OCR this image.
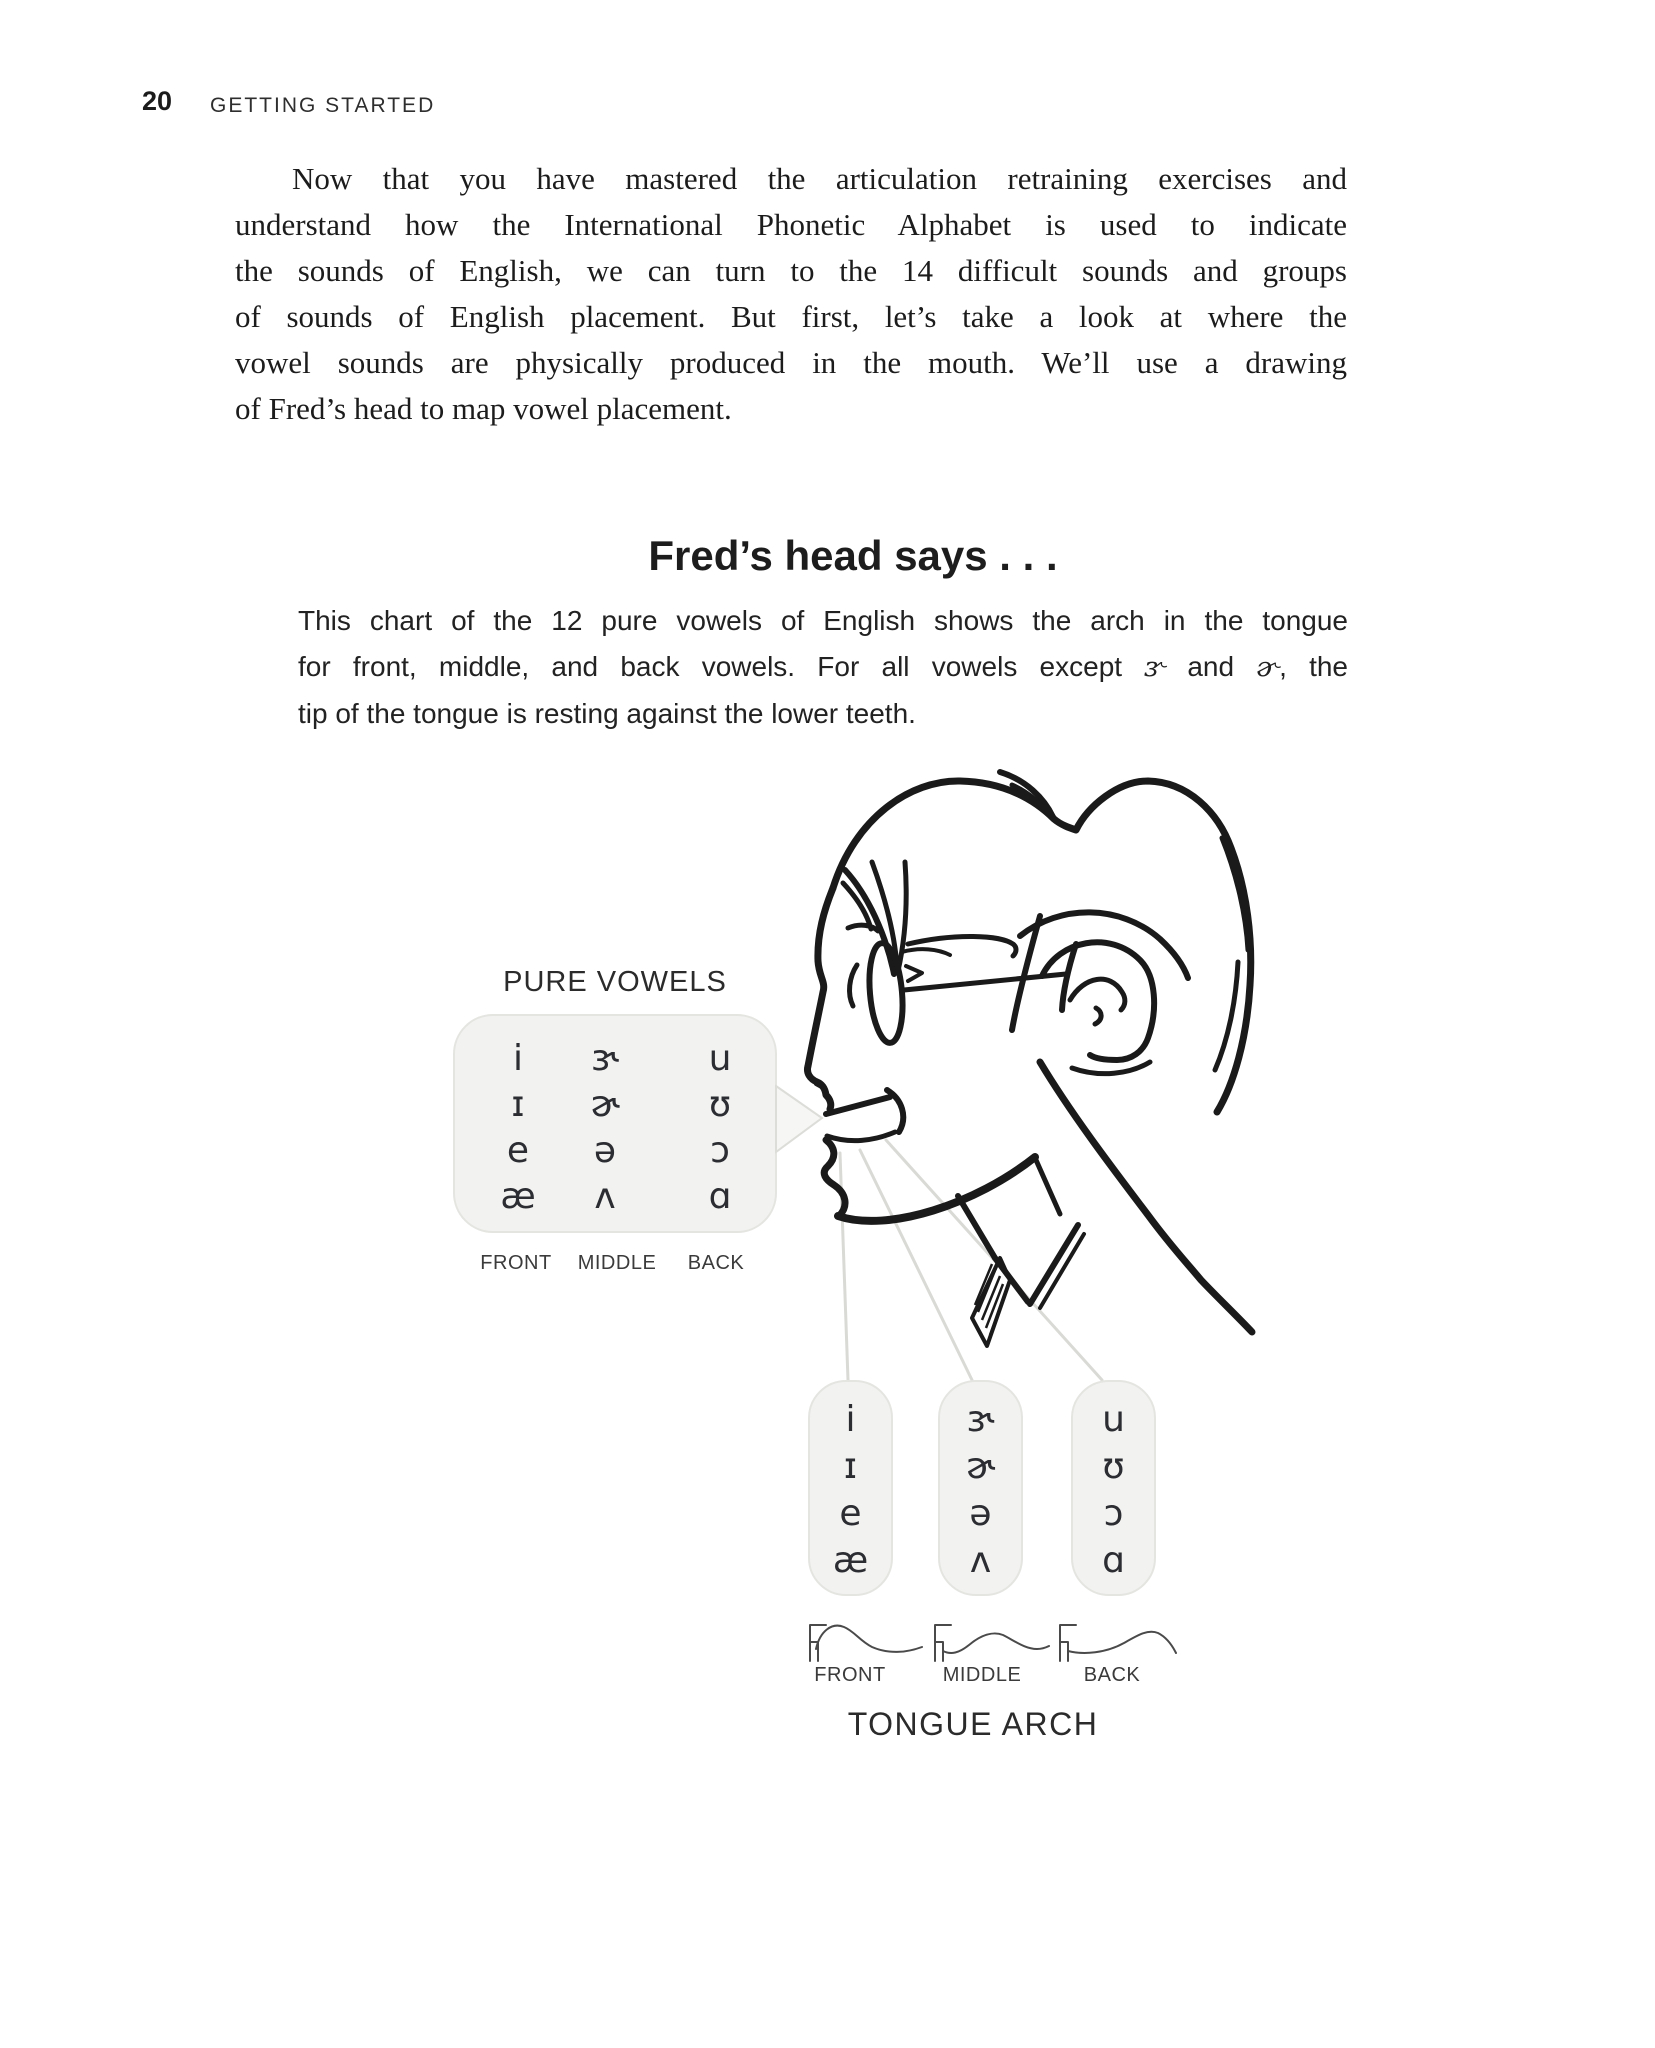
20 GETTING STARTED
Now that you have mastered the articulation retraining exercises and
understand how the International Phonetic Alphabet is used to indicate
the sounds of English, we can turn to the 14 difficult sounds and groups
of sounds of English placement. But first, let’s take a look at where the
vowel sounds are physically produced in the mouth. We’ll use a drawing
of Fred’s head to map vowel placement.
Fred’s head says . . .
This chart of the 12 pure vowels of English shows the arch in the tongue
for front, middle, and back vowels. For all vowels except ɝ and ɚ, the
tip of the tongue is resting against the lower teeth.
PURE VOWELS
i
ɪ
e
æ
ɝ
ɚ
ə
ʌ
u
ʊ
ɔ
ɑ
FRONT MIDDLE BACK
i
ɪ
e
æ
ɝ
ɚ
ə
ʌ
u
ʊ
ɔ
ɑ
FRONT	MIDDLE	BACK
TONGUE ARCH
